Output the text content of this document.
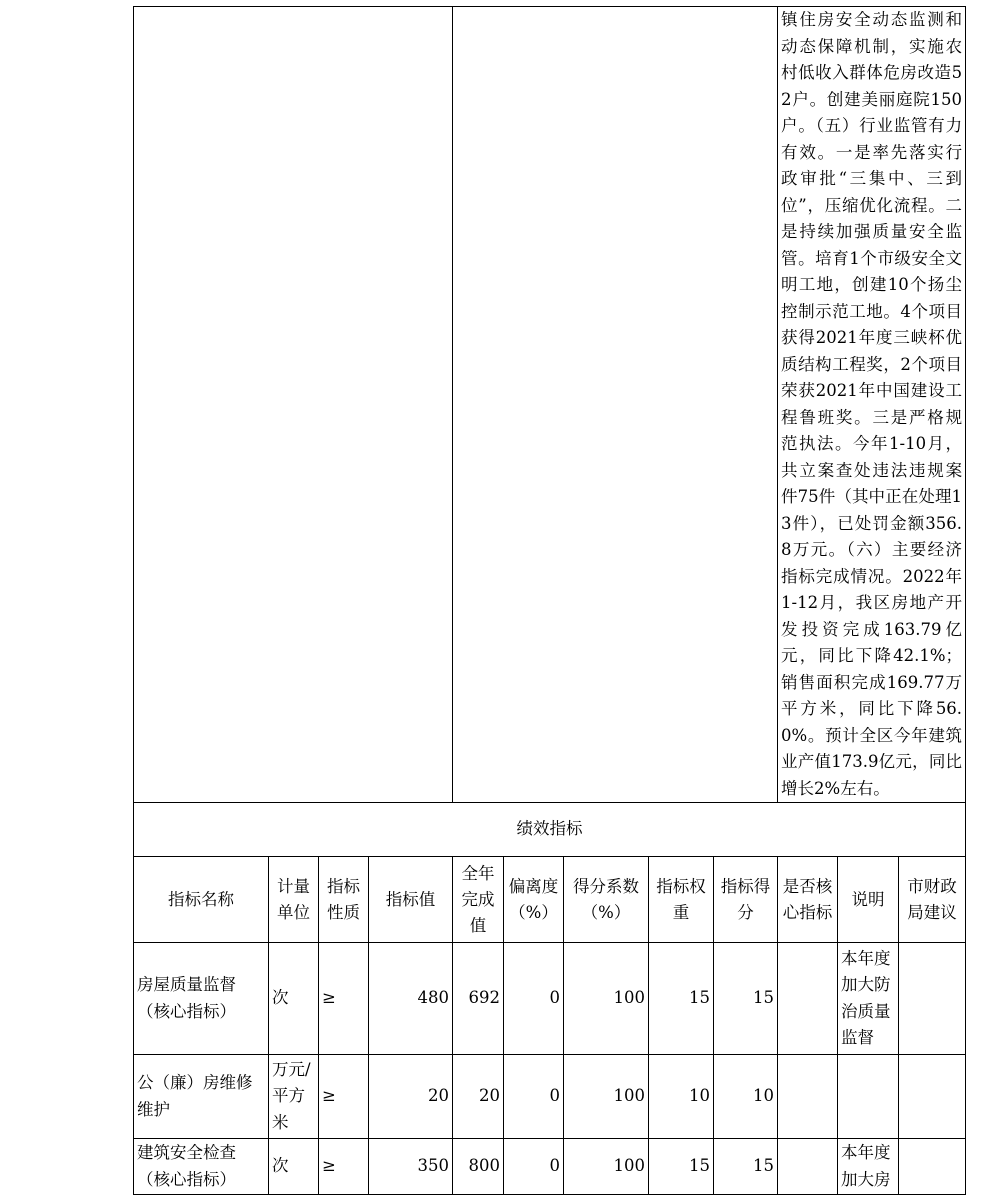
									镇住房安全动态监测和动态保障机制，实施农村低收入群体危房改造52户。创建美丽庭院150户。（五）行业监管有力有效。一是率先落实行政审批“三集中、三到位”，压缩优化流程。二是持续加强质量安全监管。培育1个市级安全文明工地，创建10个扬尘控制示范工地。4个项目获得2021年度三峡杯优质结构工程奖，2个项目荣获2021年中国建设工程鲁班奖。三是严格规范执法。今年1-10月，共立案查处违法违规案件75件（其中正在处理13件），已处罚金额356.8万元。（六）主要经济指标完成情况。2022年1-12月，我区房地产开发投资完成163.79亿元，同比下降42.1%；销售面积完成169.77万平方米，同比下降56.0%。预计全区今年建筑业产值173.9亿元，同比增长2%左右。		
绩效指标											
指标名称	计量单位	指标性质	指标值	全年完成值	偏离度（%）	得分系数（%）	指标权重	指标得分	是否核心指标	说明	市财政局建议
房屋质量监督（核心指标）	次	≥	480	692	0	100	15	15		本年度加大防治质量监督	
公（廉）房维修维护	万元/平方米	≥	20	20	0	100	10	10			
建筑安全检查（核心指标）	次	≥	350	800	0	100	15	15		本年度加大房	
